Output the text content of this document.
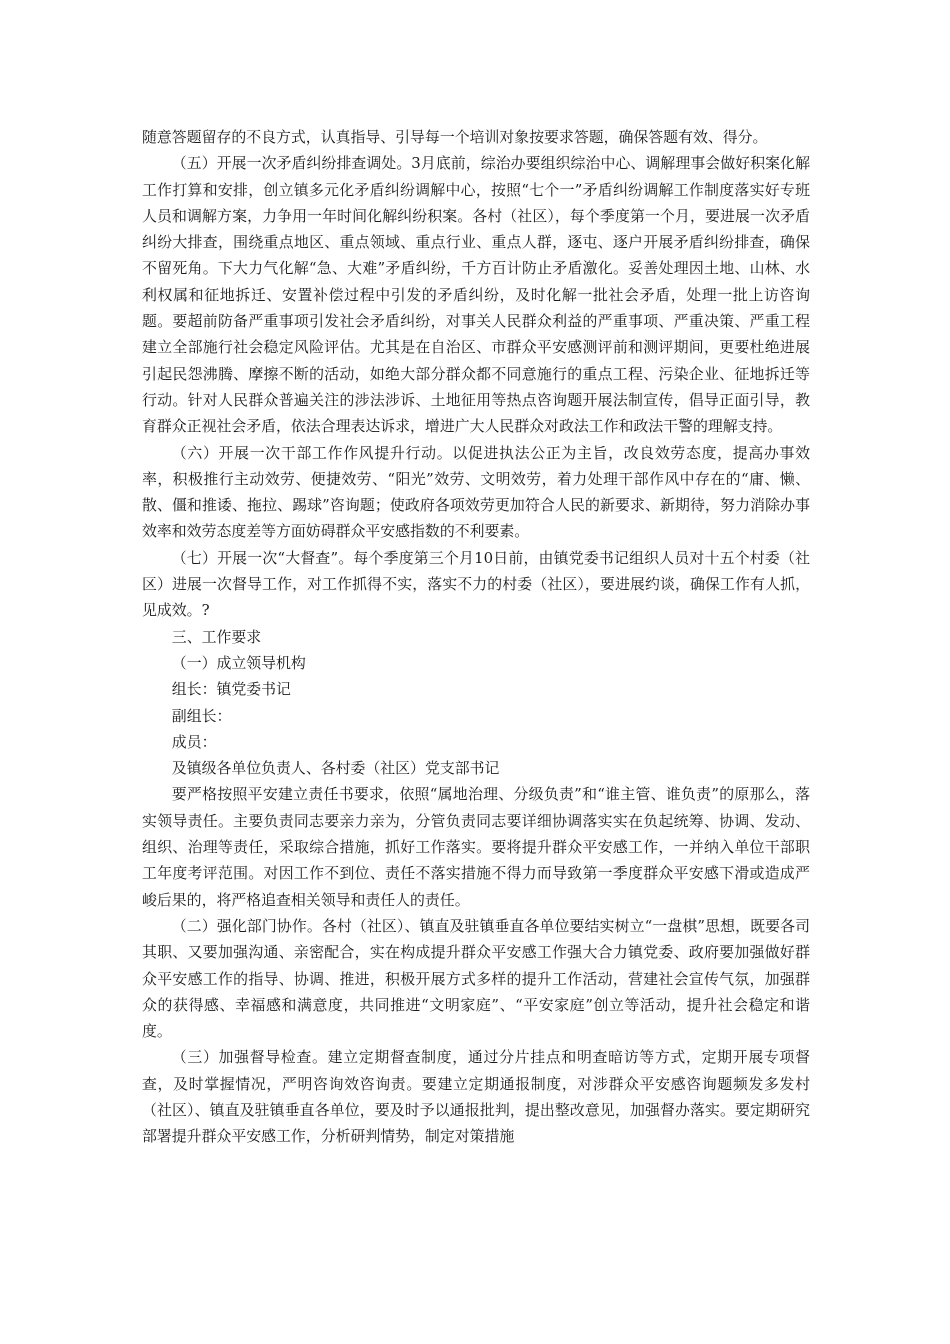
随意答题留存的不良方式，认真指导、引导每一个培训对象按要求答题，确保答题有效、得分。

（五）开展一次矛盾纠纷排查调处。3月底前，综治办要组织综治中心、调解理事会做好积案化解工作打算和安排，创立镇多元化矛盾纠纷调解中心，按照“七个一”矛盾纠纷调解工作制度落实好专班人员和调解方案，力争用一年时间化解纠纷积案。各村（社区），每个季度第一个月，要进展一次矛盾纠纷大排查，围绕重点地区、重点领域、重点行业、重点人群，逐屯、逐户开展矛盾纠纷排查，确保不留死角。下大力气化解“急、大难”矛盾纠纷，千方百计防止矛盾激化。妥善处理因土地、山林、水利权属和征地拆迁、安置补偿过程中引发的矛盾纠纷，及时化解一批社会矛盾，处理一批上访咨询题。要超前防备严重事项引发社会矛盾纠纷，对事关人民群众利益的严重事项、严重决策、严重工程建立全部施行社会稳定风险评估。尤其是在自治区、市群众平安感测评前和测评期间，更要杜绝进展引起民怨沸腾、摩擦不断的活动，如绝大部分群众都不同意施行的重点工程、污染企业、征地拆迁等行动。针对人民群众普遍关注的涉法涉诉、土地征用等热点咨询题开展法制宣传，倡导正面引导，教育群众正视社会矛盾，依法合理表达诉求，增进广大人民群众对政法工作和政法干警的理解支持。

（六）开展一次干部工作作风提升行动。以促进执法公正为主旨，改良效劳态度，提高办事效率，积极推行主动效劳、便捷效劳、“阳光”效劳、文明效劳，着力处理干部作风中存在的“庸、懒、散、僵和推诿、拖拉、踢球”咨询题；使政府各项效劳更加符合人民的新要求、新期待，努力消除办事效率和效劳态度差等方面妨碍群众平安感指数的不利要素。

（七）开展一次“大督查”。每个季度第三个月10日前，由镇党委书记组织人员对十五个村委（社区）进展一次督导工作，对工作抓得不实，落实不力的村委（社区），要进展约谈，确保工作有人抓，见成效。?

三、工作要求

（一）成立领导机构

组长：镇党委书记

副组长：

成员：

及镇级各单位负责人、各村委（社区）党支部书记

要严格按照平安建立责任书要求，依照“属地治理、分级负责”和“谁主管、谁负责”的原那么，落实领导责任。主要负责同志要亲力亲为，分管负责同志要详细协调落实实在负起统筹、协调、发动、组织、治理等责任，采取综合措施，抓好工作落实。要将提升群众平安感工作，一并纳入单位干部职工年度考评范围。对因工作不到位、责任不落实措施不得力而导致第一季度群众平安感下滑或造成严峻后果的，将严格追查相关领导和责任人的责任。

（二）强化部门协作。各村（社区）、镇直及驻镇垂直各单位要结实树立“一盘棋”思想，既要各司其职、又要加强沟通、亲密配合，实在构成提升群众平安感工作强大合力镇党委、政府要加强做好群众平安感工作的指导、协调、推进，积极开展方式多样的提升工作活动，营建社会宣传气氛，加强群众的获得感、幸福感和满意度，共同推进“文明家庭”、“平安家庭”创立等活动，提升社会稳定和谐度。

（三）加强督导检查。建立定期督查制度，通过分片挂点和明查暗访等方式，定期开展专项督查，及时掌握情况，严明咨询效咨询责。要建立定期通报制度，对涉群众平安感咨询题频发多发村（社区）、镇直及驻镇垂直各单位，要及时予以通报批判，提出整改意见，加强督办落实。要定期研究部署提升群众平安感工作，分析研判情势，制定对策措施
